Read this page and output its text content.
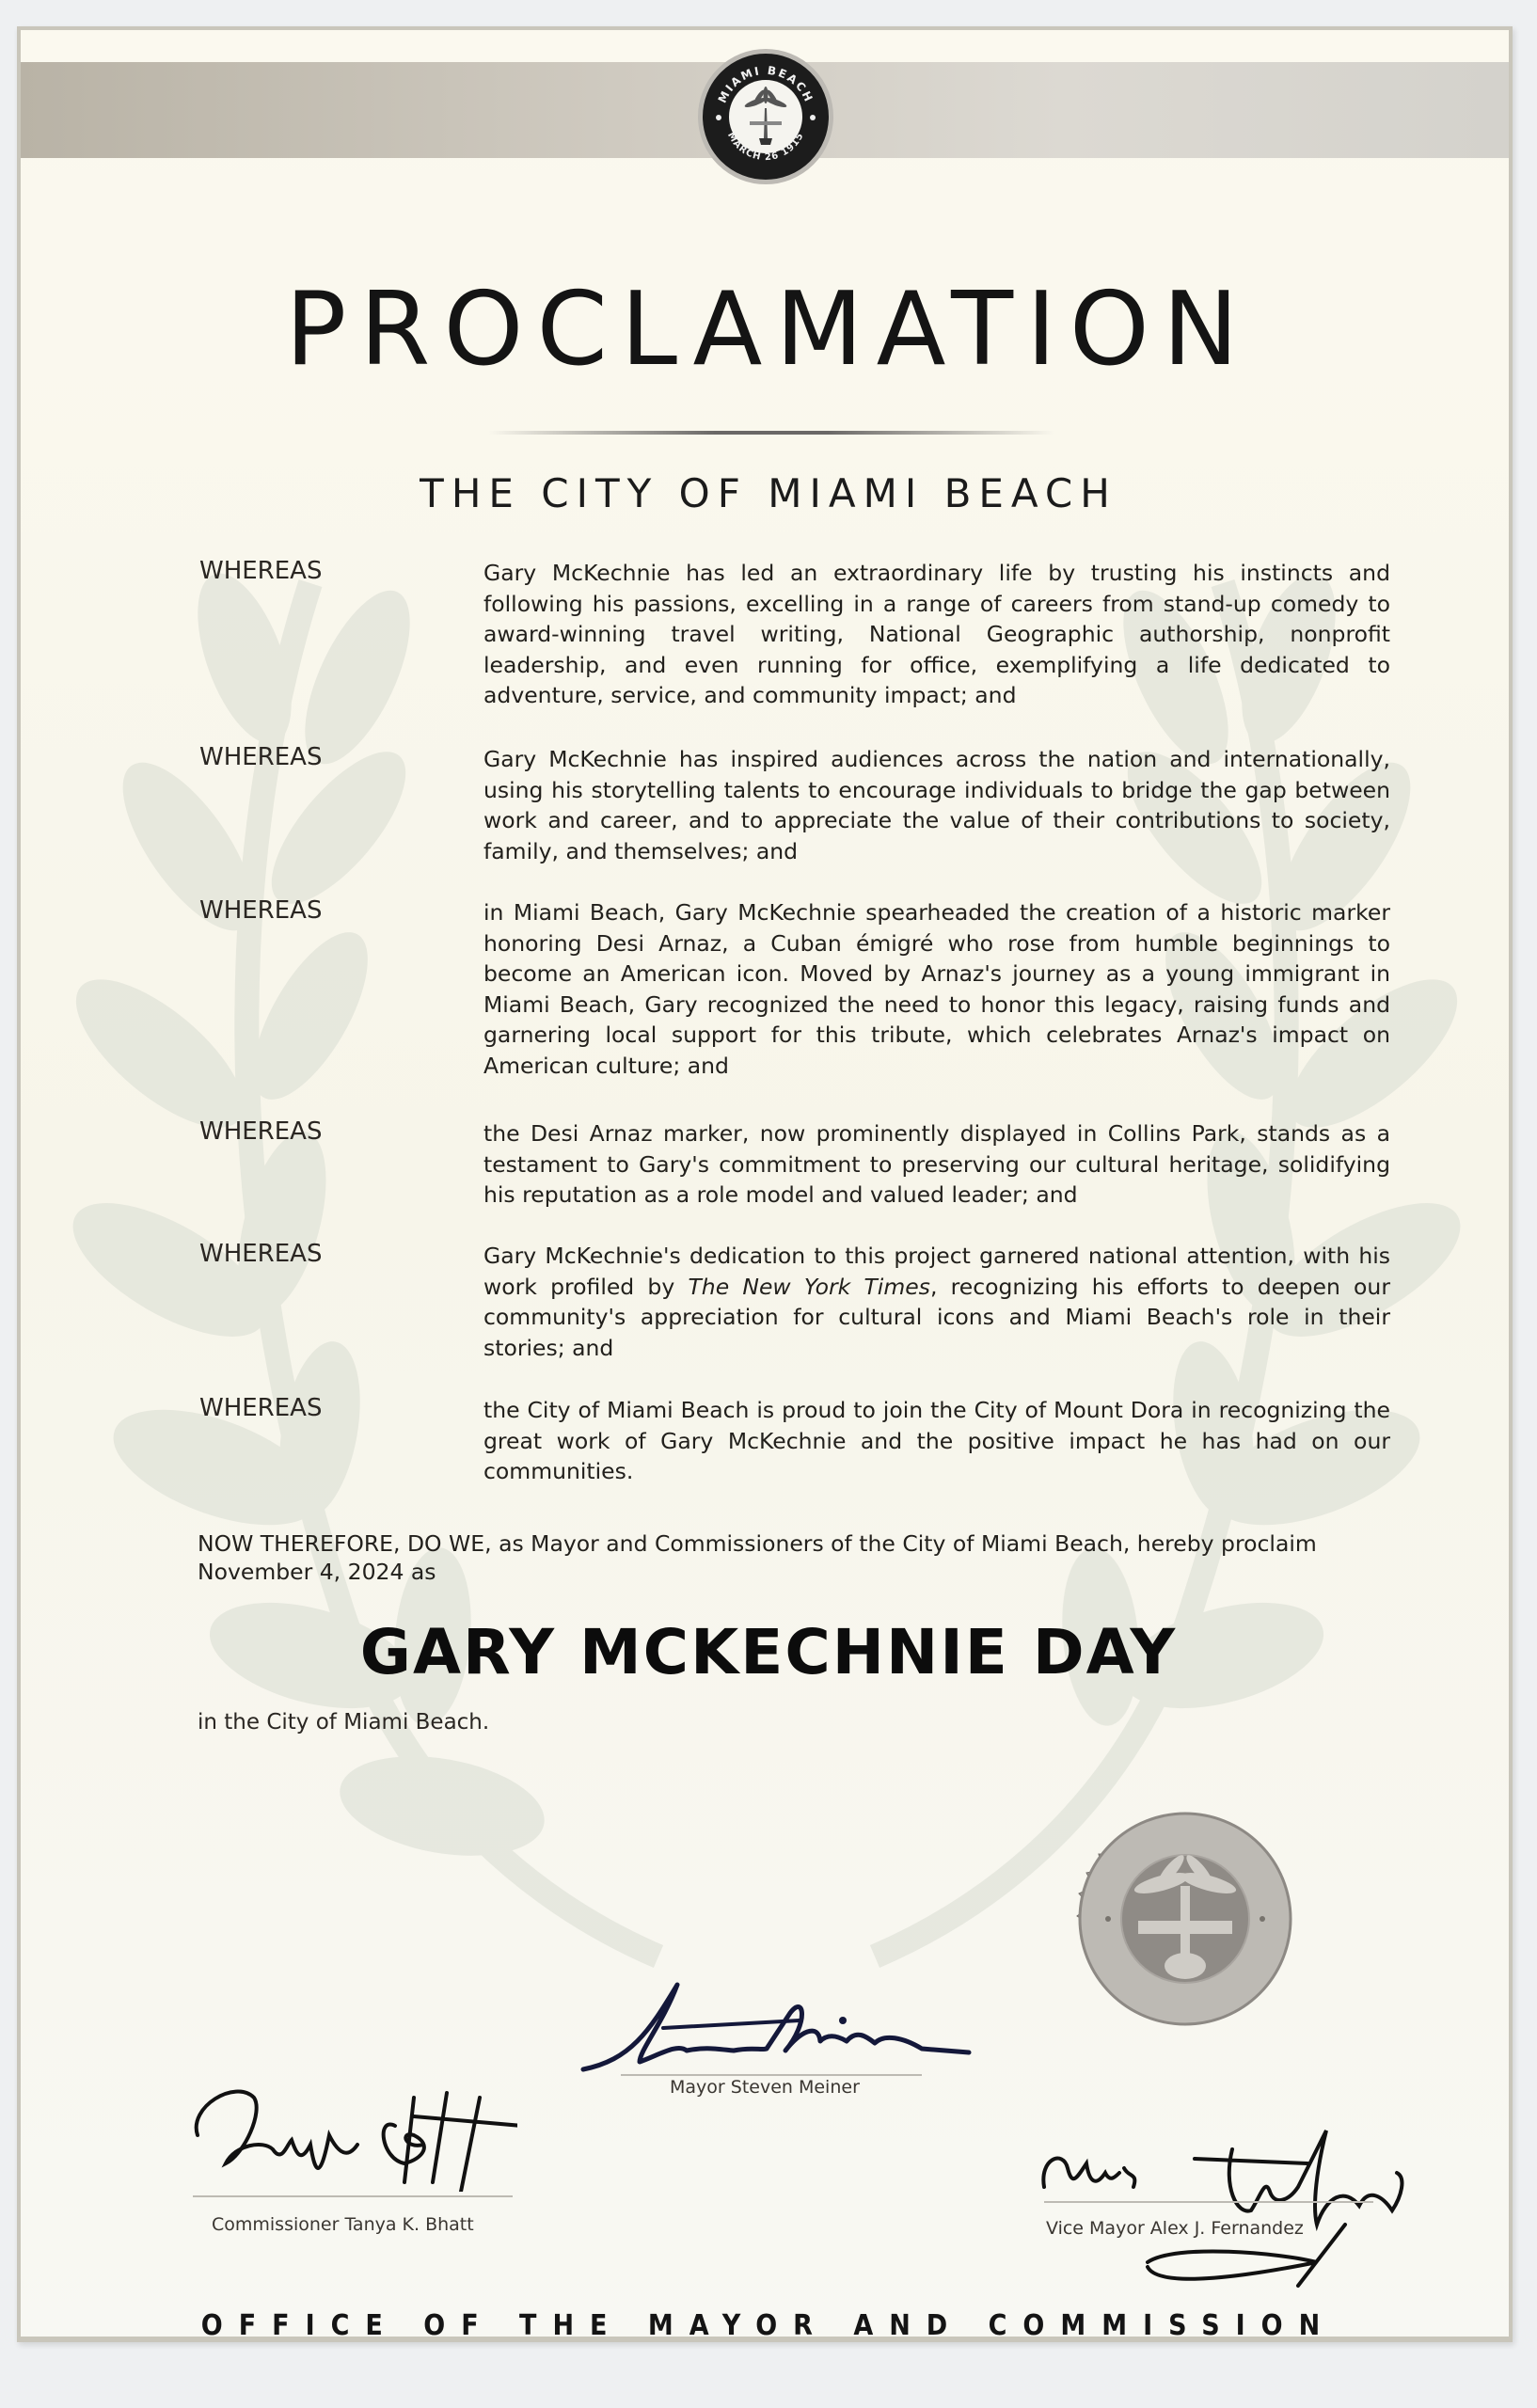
MIAMI BEACH
MARCH 26 1915
PROCLAMATION
THE CITY OF MIAMI BEACH
WHEREAS	Gary McKechnie has led an extraordinary life by trusting his instincts and following his passions, excelling in a range of careers from stand-up comedy to award-winning travel writing, National Geographic authorship, nonprofit leadership, and even running for office, exemplifying a life dedicated to adventure, service, and community impact; and
WHEREAS	Gary McKechnie has inspired audiences across the nation and internationally, using his storytelling talents to encourage individuals to bridge the gap between work and career, and to appreciate the value of their contributions to society, family, and themselves; and
WHEREAS	in Miami Beach, Gary McKechnie spearheaded the creation of a historic marker honoring Desi Arnaz, a Cuban émigré who rose from humble beginnings to become an American icon. Moved by Arnaz's journey as a young immigrant in Miami Beach, Gary recognized the need to honor this legacy, raising funds and garnering local support for this tribute, which celebrates Arnaz's impact on American culture; and
WHEREAS	the Desi Arnaz marker, now prominently displayed in Collins Park, stands as a testament to Gary's commitment to preserving our cultural heritage, solidifying his reputation as a role model and valued leader; and
WHEREAS	Gary McKechnie's dedication to this project garnered national attention, with his work profiled by The New York Times, recognizing his efforts to deepen our community's appreciation for cultural icons and Miami Beach's role in their stories; and
WHEREAS	the City of Miami Beach is proud to join the City of Mount Dora in recognizing the great work of Gary McKechnie and the positive impact he has had on our communities.
NOW THEREFORE, DO WE, as Mayor and Commissioners of the City of Miami Beach, hereby proclaim November 4, 2024 as
GARY MCKECHNIE DAY
in the City of Miami Beach.
Mayor Steven Meiner
Commissioner Tanya K. Bhatt	Vice Mayor Alex J. Fernandez
OFFICE OF THE MAYOR AND COMMISSION
